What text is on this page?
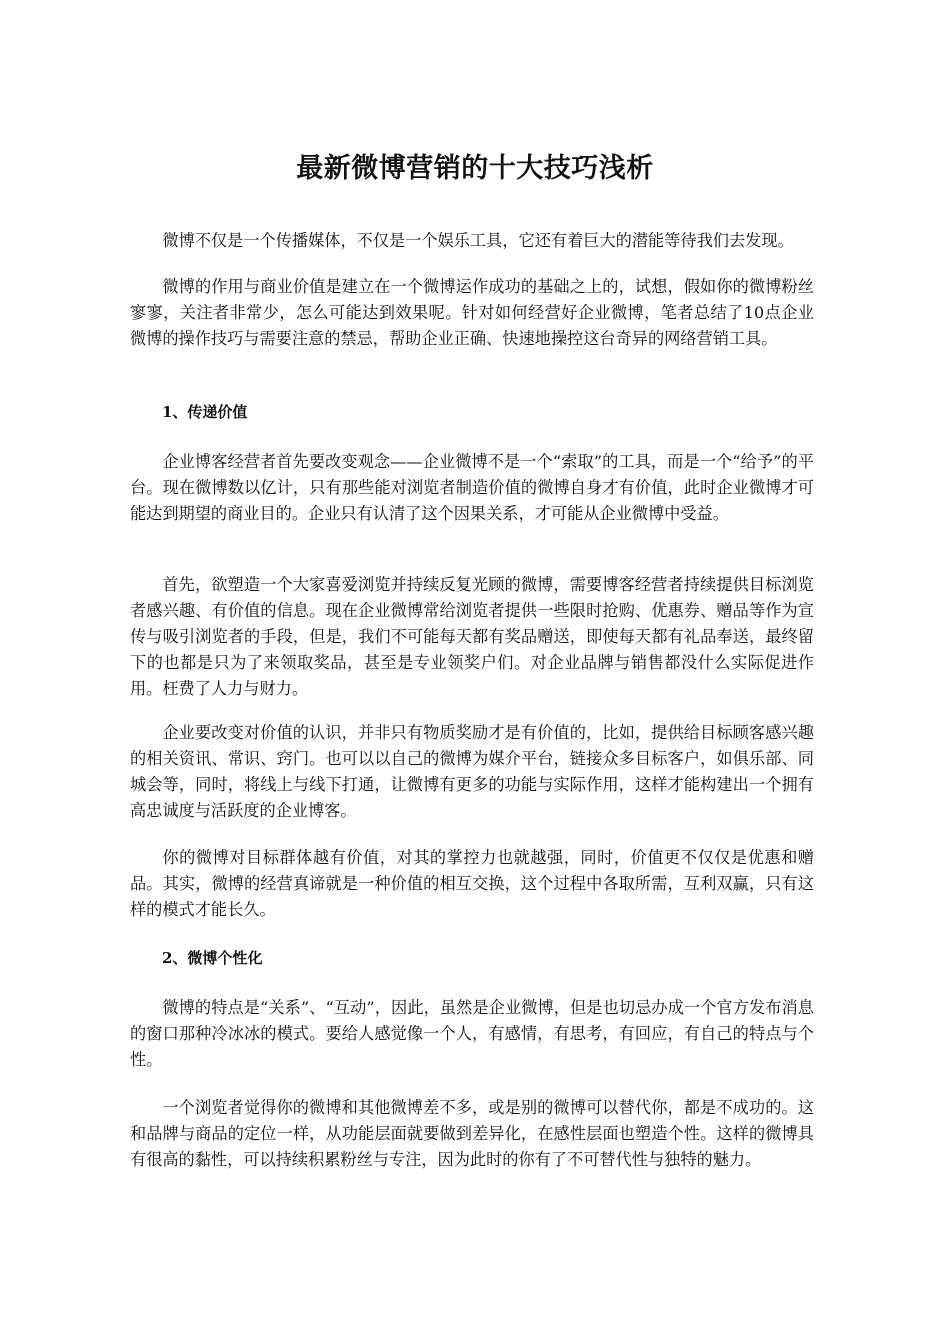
最新微博营销的十大技巧浅析

微博不仅是一个传播媒体，不仅是一个娱乐工具，它还有着巨大的潜能等待我们去发现。

微博的作用与商业价值是建立在一个微博运作成功的基础之上的，试想，假如你的微博粉丝寥寥，关注者非常少，怎么可能达到效果呢。针对如何经营好企业微博，笔者总结了10点企业微博的操作技巧与需要注意的禁忌，帮助企业正确、快速地操控这台奇异的网络营销工具。

1、传递价值

企业博客经营者首先要改变观念——企业微博不是一个“索取”的工具，而是一个“给予”的平台。现在微博数以亿计，只有那些能对浏览者制造价值的微博自身才有价值，此时企业微博才可能达到期望的商业目的。企业只有认清了这个因果关系，才可能从企业微博中受益。

首先，欲塑造一个大家喜爱浏览并持续反复光顾的微博，需要博客经营者持续提供目标浏览者感兴趣、有价值的信息。现在企业微博常给浏览者提供一些限时抢购、优惠券、赠品等作为宣传与吸引浏览者的手段，但是，我们不可能每天都有奖品赠送，即使每天都有礼品奉送，最终留下的也都是只为了来领取奖品，甚至是专业领奖户们。对企业品牌与销售都没什么实际促进作用。枉费了人力与财力。

企业要改变对价值的认识，并非只有物质奖励才是有价值的，比如，提供给目标顾客感兴趣的相关资讯、常识、窍门。也可以以自己的微博为媒介平台，链接众多目标客户，如俱乐部、同城会等，同时，将线上与线下打通，让微博有更多的功能与实际作用，这样才能构建出一个拥有高忠诚度与活跃度的企业博客。

你的微博对目标群体越有价值，对其的掌控力也就越强，同时，价值更不仅仅是优惠和赠品。其实，微博的经营真谛就是一种价值的相互交换，这个过程中各取所需，互利双赢，只有这样的模式才能长久。

2、微博个性化

微博的特点是“关系”、“互动”，因此，虽然是企业微博，但是也切忌办成一个官方发布消息的窗口那种冷冰冰的模式。要给人感觉像一个人，有感情，有思考，有回应，有自己的特点与个性。

一个浏览者觉得你的微博和其他微博差不多，或是别的微博可以替代你，都是不成功的。这和品牌与商品的定位一样，从功能层面就要做到差异化，在感性层面也塑造个性。这样的微博具有很高的黏性，可以持续积累粉丝与专注，因为此时的你有了不可替代性与独特的魅力。
